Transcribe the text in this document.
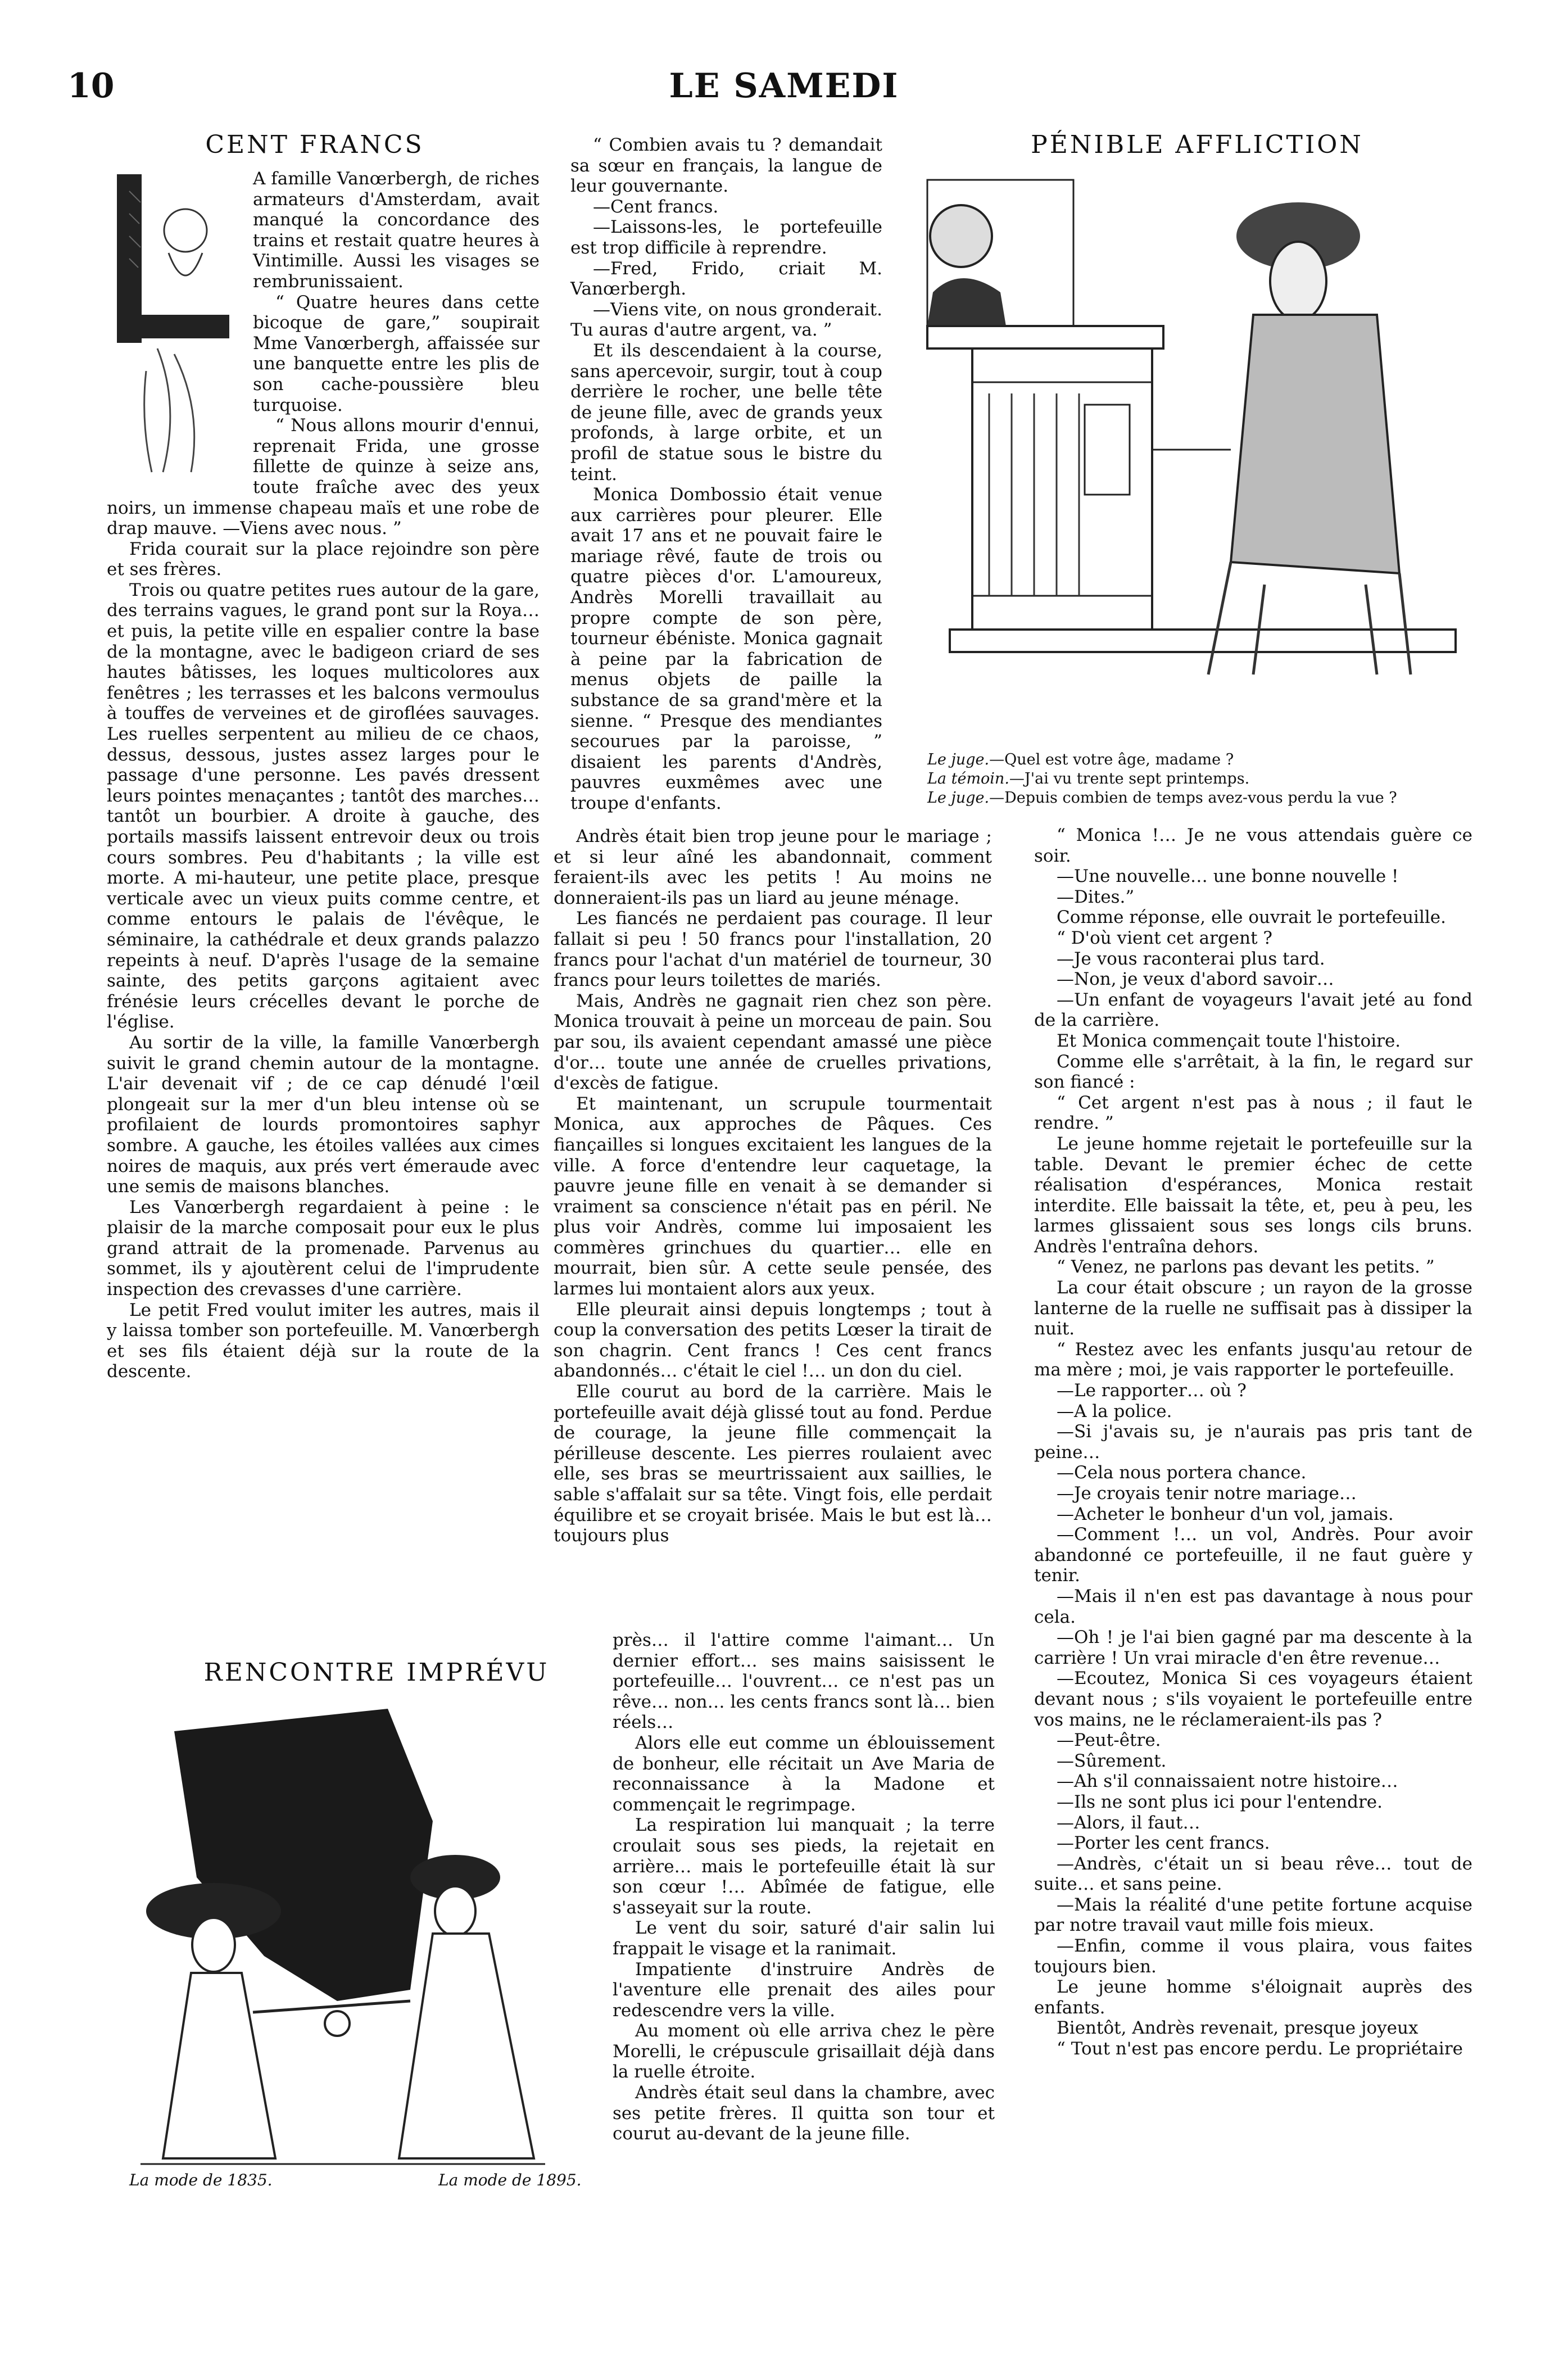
10	LE SAMEDI
CENT FRANCS

A famille Vanœrbergh, de riches armateurs d'Amsterdam, avait manqué la concordance des trains et restait quatre heures à Vintimille. Aussi les visages se rembrunissaient.

“ Quatre heures dans cette bicoque de gare,” soupirait Mme Vanœrbergh, affaissée sur une banquette entre les plis de son cache-poussière bleu turquoise.

“ Nous allons mourir d'ennui, reprenait Frida, une grosse fillette de quinze à seize ans, toute fraîche avec des yeux noirs, un immense chapeau maïs et une robe de drap mauve. —Viens avec nous. ”

Frida courait sur la place rejoindre son père et ses frères.

Trois ou quatre petites rues autour de la gare, des terrains vagues, le grand pont sur la Roya… et puis, la petite ville en espalier contre la base de la montagne, avec le badigeon criard de ses hautes bâtisses, les loques multicolores aux fenêtres ; les terrasses et les balcons vermoulus à touffes de verveines et de giroflées sauvages. Les ruelles serpentent au milieu de ce chaos, dessus, dessous, justes assez larges pour le passage d'une personne. Les pavés dressent leurs pointes menaçantes ; tantôt des marches… tantôt un bourbier. A droite à gauche, des portails massifs laissent entrevoir deux ou trois cours sombres. Peu d'habitants ; la ville est morte. A mi-hauteur, une petite place, presque verticale avec un vieux puits comme centre, et comme entours le palais de l'évêque, le séminaire, la cathédrale et deux grands palazzo repeints à neuf. D'après l'usage de la semaine sainte, des petits garçons agitaient avec frénésie leurs crécelles devant le porche de l'église.

Au sortir de la ville, la famille Vanœrbergh suivit le grand chemin autour de la montagne. L'air devenait vif ; de ce cap dénudé l'œil plongeait sur la mer d'un bleu intense où se profilaient de lourds promontoires saphyr sombre. A gauche, les étoiles vallées aux cimes noires de maquis, aux prés vert émeraude avec une semis de maisons blanches.

Les Vanœrbergh regardaient à peine : le plaisir de la marche composait pour eux le plus grand attrait de la promenade. Parvenus au sommet, ils y ajoutèrent celui de l'imprudente inspection des crevasses d'une carrière.

Le petit Fred voulut imiter les autres, mais il y laissa tomber son portefeuille. M. Vanœrbergh et ses fils étaient déjà sur la route de la descente.

RENCONTRE IMPRÉVU
La mode de 1835.	La mode de 1895.

“ Combien avais tu ? demandait sa sœur en français, la langue de leur gouvernante.

—Cent francs.

—Laissons-les, le portefeuille est trop difficile à reprendre.

—Fred, Frido, criait M. Vanœrbergh.

—Viens vite, on nous gronderait. Tu auras d'autre argent, va. ”

Et ils descendaient à la course, sans apercevoir, surgir, tout à coup derrière le rocher, une belle tête de jeune fille, avec de grands yeux profonds, à large orbite, et un profil de statue sous le bistre du teint.

Monica Dombossio était venue aux carrières pour pleurer. Elle avait 17 ans et ne pouvait faire le mariage rêvé, faute de trois ou quatre pièces d'or. L'amoureux, Andrès Morelli travaillait au propre compte de son père, tourneur ébéniste. Monica gagnait à peine par la fabrication de menus objets de paille la substance de sa grand'mère et la sienne. “ Presque des mendiantes secourues par la paroisse, ” disaient les parents d'Andrès, pauvres euxmêmes avec une troupe d'enfants.

Andrès était bien trop jeune pour le mariage ; et si leur aîné les abandonnait, comment feraient-ils avec les petits ! Au moins ne donneraient-ils pas un liard au jeune ménage.

Les fiancés ne perdaient pas courage. Il leur fallait si peu ! 50 francs pour l'installation, 20 francs pour l'achat d'un matériel de tourneur, 30 francs pour leurs toilettes de mariés.

Mais, Andrès ne gagnait rien chez son père. Monica trouvait à peine un morceau de pain. Sou par sou, ils avaient cependant amassé une pièce d'or… toute une année de cruelles privations, d'excès de fatigue.

Et maintenant, un scrupule tourmentait Monica, aux approches de Pâques. Ces fiançailles si longues excitaient les langues de la ville. A force d'entendre leur caquetage, la pauvre jeune fille en venait à se demander si vraiment sa conscience n'était pas en péril. Ne plus voir Andrès, comme lui imposaient les commères grinchues du quartier… elle en mourrait, bien sûr. A cette seule pensée, des larmes lui montaient alors aux yeux.

Elle pleurait ainsi depuis longtemps ; tout à coup la conversation des petits Lœser la tirait de son chagrin. Cent francs ! Ces cent francs abandonnés… c'était le ciel !… un don du ciel.

Elle courut au bord de la carrière. Mais le portefeuille avait déjà glissé tout au fond. Perdue de courage, la jeune fille commençait la périlleuse descente. Les pierres roulaient avec elle, ses bras se meurtrissaient aux saillies, le sable s'affalait sur sa tête. Vingt fois, elle perdait équilibre et se croyait brisée. Mais le but est là… toujours plus

près… il l'attire comme l'aimant… Un dernier effort… ses mains saisissent le portefeuille… l'ouvrent… ce n'est pas un rêve… non… les cents francs sont là… bien réels…

Alors elle eut comme un éblouissement de bonheur, elle récitait un Ave Maria de reconnaissance à la Madone et commençait le regrimpage.

La respiration lui manquait ; la terre croulait sous ses pieds, la rejetait en arrière… mais le portefeuille était là sur son cœur !… Abîmée de fatigue, elle s'asseyait sur la route.

Le vent du soir, saturé d'air salin lui frappait le visage et la ranimait.

Impatiente d'instruire Andrès de l'aventure elle prenait des ailes pour redescendre vers la ville.

Au moment où elle arriva chez le père Morelli, le crépuscule grisaillait déjà dans la ruelle étroite.

Andrès était seul dans la chambre, avec ses petite frères. Il quitta son tour et courut au-devant de la jeune fille.

PÉNIBLE AFFLICTION
Le juge.—Quel est votre âge, madame ?
La témoin.—J'ai vu trente sept printemps.
Le juge.—Depuis combien de temps avez-vous perdu la vue ?

“ Monica !… Je ne vous attendais guère ce soir.

—Une nouvelle… une bonne nouvelle !

—Dites.”

Comme réponse, elle ouvrait le portefeuille.

“ D'où vient cet argent ?

—Je vous raconterai plus tard.

—Non, je veux d'abord savoir…

—Un enfant de voyageurs l'avait jeté au fond de la carrière.

Et Monica commençait toute l'histoire.

Comme elle s'arrêtait, à la fin, le regard sur son fiancé :

“ Cet argent n'est pas à nous ; il faut le rendre. ”

Le jeune homme rejetait le portefeuille sur la table. Devant le premier échec de cette réalisation d'espérances, Monica restait interdite. Elle baissait la tête, et, peu à peu, les larmes glissaient sous ses longs cils bruns. Andrès l'entraîna dehors.

“ Venez, ne parlons pas devant les petits. ”

La cour était obscure ; un rayon de la grosse lanterne de la ruelle ne suffisait pas à dissiper la nuit.

“ Restez avec les enfants jusqu'au retour de ma mère ; moi, je vais rapporter le portefeuille.

—Le rapporter… où ?

—A la police.

—Si j'avais su, je n'aurais pas pris tant de peine…

—Cela nous portera chance.

—Je croyais tenir notre mariage…

—Acheter le bonheur d'un vol, jamais.

—Comment !… un vol, Andrès. Pour avoir abandonné ce portefeuille, il ne faut guère y tenir.

—Mais il n'en est pas davantage à nous pour cela.

—Oh ! je l'ai bien gagné par ma descente à la carrière ! Un vrai miracle d'en être revenue…

—Ecoutez, Monica Si ces voyageurs étaient devant nous ; s'ils voyaient le portefeuille entre vos mains, ne le réclameraient-ils pas ?

—Peut-être.

—Sûrement.

—Ah s'il connaissaient notre histoire…

—Ils ne sont plus ici pour l'entendre.

—Alors, il faut…

—Porter les cent francs.

—Andrès, c'était un si beau rêve… tout de suite… et sans peine.

—Mais la réalité d'une petite fortune acquise par notre travail vaut mille fois mieux.

—Enfin, comme il vous plaira, vous faites toujours bien.

Le jeune homme s'éloignait auprès des enfants.

Bientôt, Andrès revenait, presque joyeux

“ Tout n'est pas encore perdu. Le propriétaire
